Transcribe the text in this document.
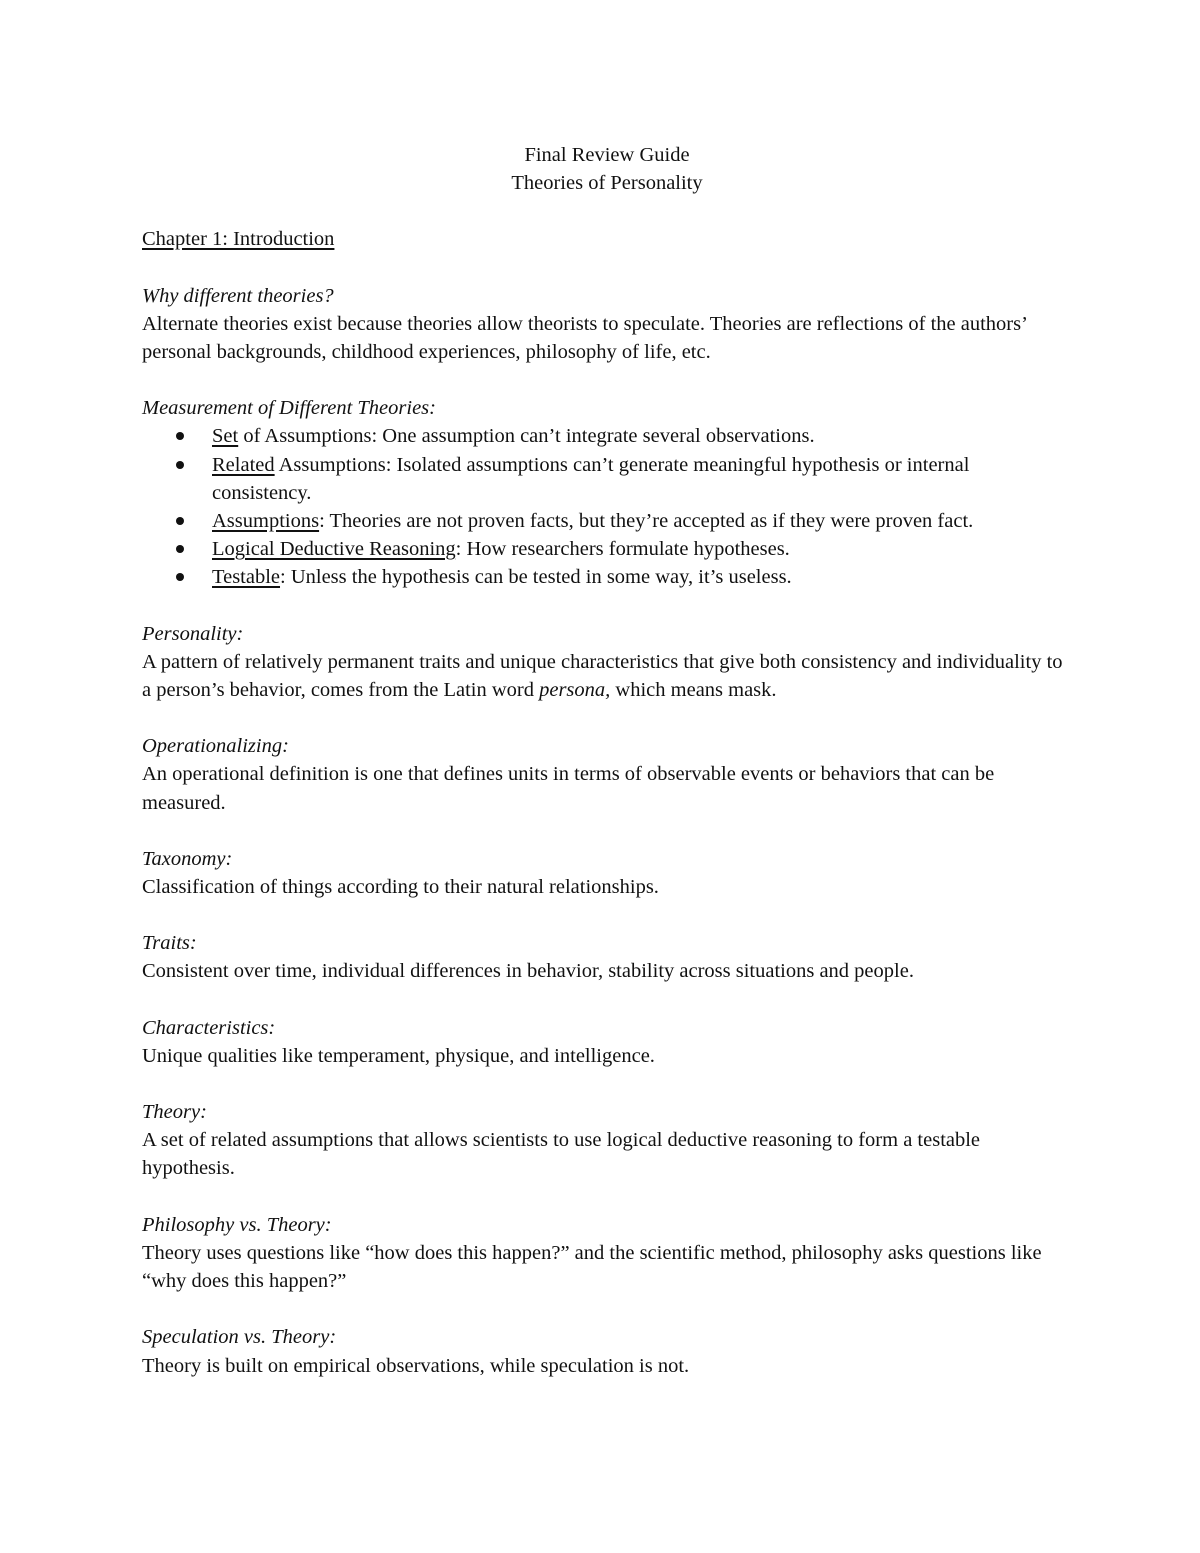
Final Review Guide

Theories of Personality

Chapter 1: Introduction
Why different theories?
Alternate theories exist because theories allow theorists to speculate. Theories are reflections of the authors’ personal backgrounds, childhood experiences, philosophy of life, etc.
Measurement of Different Theories:
Set of Assumptions: One assumption can’t integrate several observations.
Related Assumptions: Isolated assumptions can’t generate meaningful hypothesis or internal consistency.
Assumptions: Theories are not proven facts, but they’re accepted as if they were proven fact.
Logical Deductive Reasoning: How researchers formulate hypotheses.
Testable: Unless the hypothesis can be tested in some way, it’s useless.
Personality:
A pattern of relatively permanent traits and unique characteristics that give both consistency and individuality to a person’s behavior, comes from the Latin word persona, which means mask.
Operationalizing:
An operational definition is one that defines units in terms of observable events or behaviors that can be measured.
Taxonomy:
Classification of things according to their natural relationships.
Traits:
Consistent over time, individual differences in behavior, stability across situations and people.
Characteristics:
Unique qualities like temperament, physique, and intelligence.
Theory:
A set of related assumptions that allows scientists to use logical deductive reasoning to form a testable hypothesis.
Philosophy vs. Theory:
Theory uses questions like “how does this happen?” and the scientific method, philosophy asks questions like “why does this happen?”
Speculation vs. Theory:
Theory is built on empirical observations, while speculation is not.
